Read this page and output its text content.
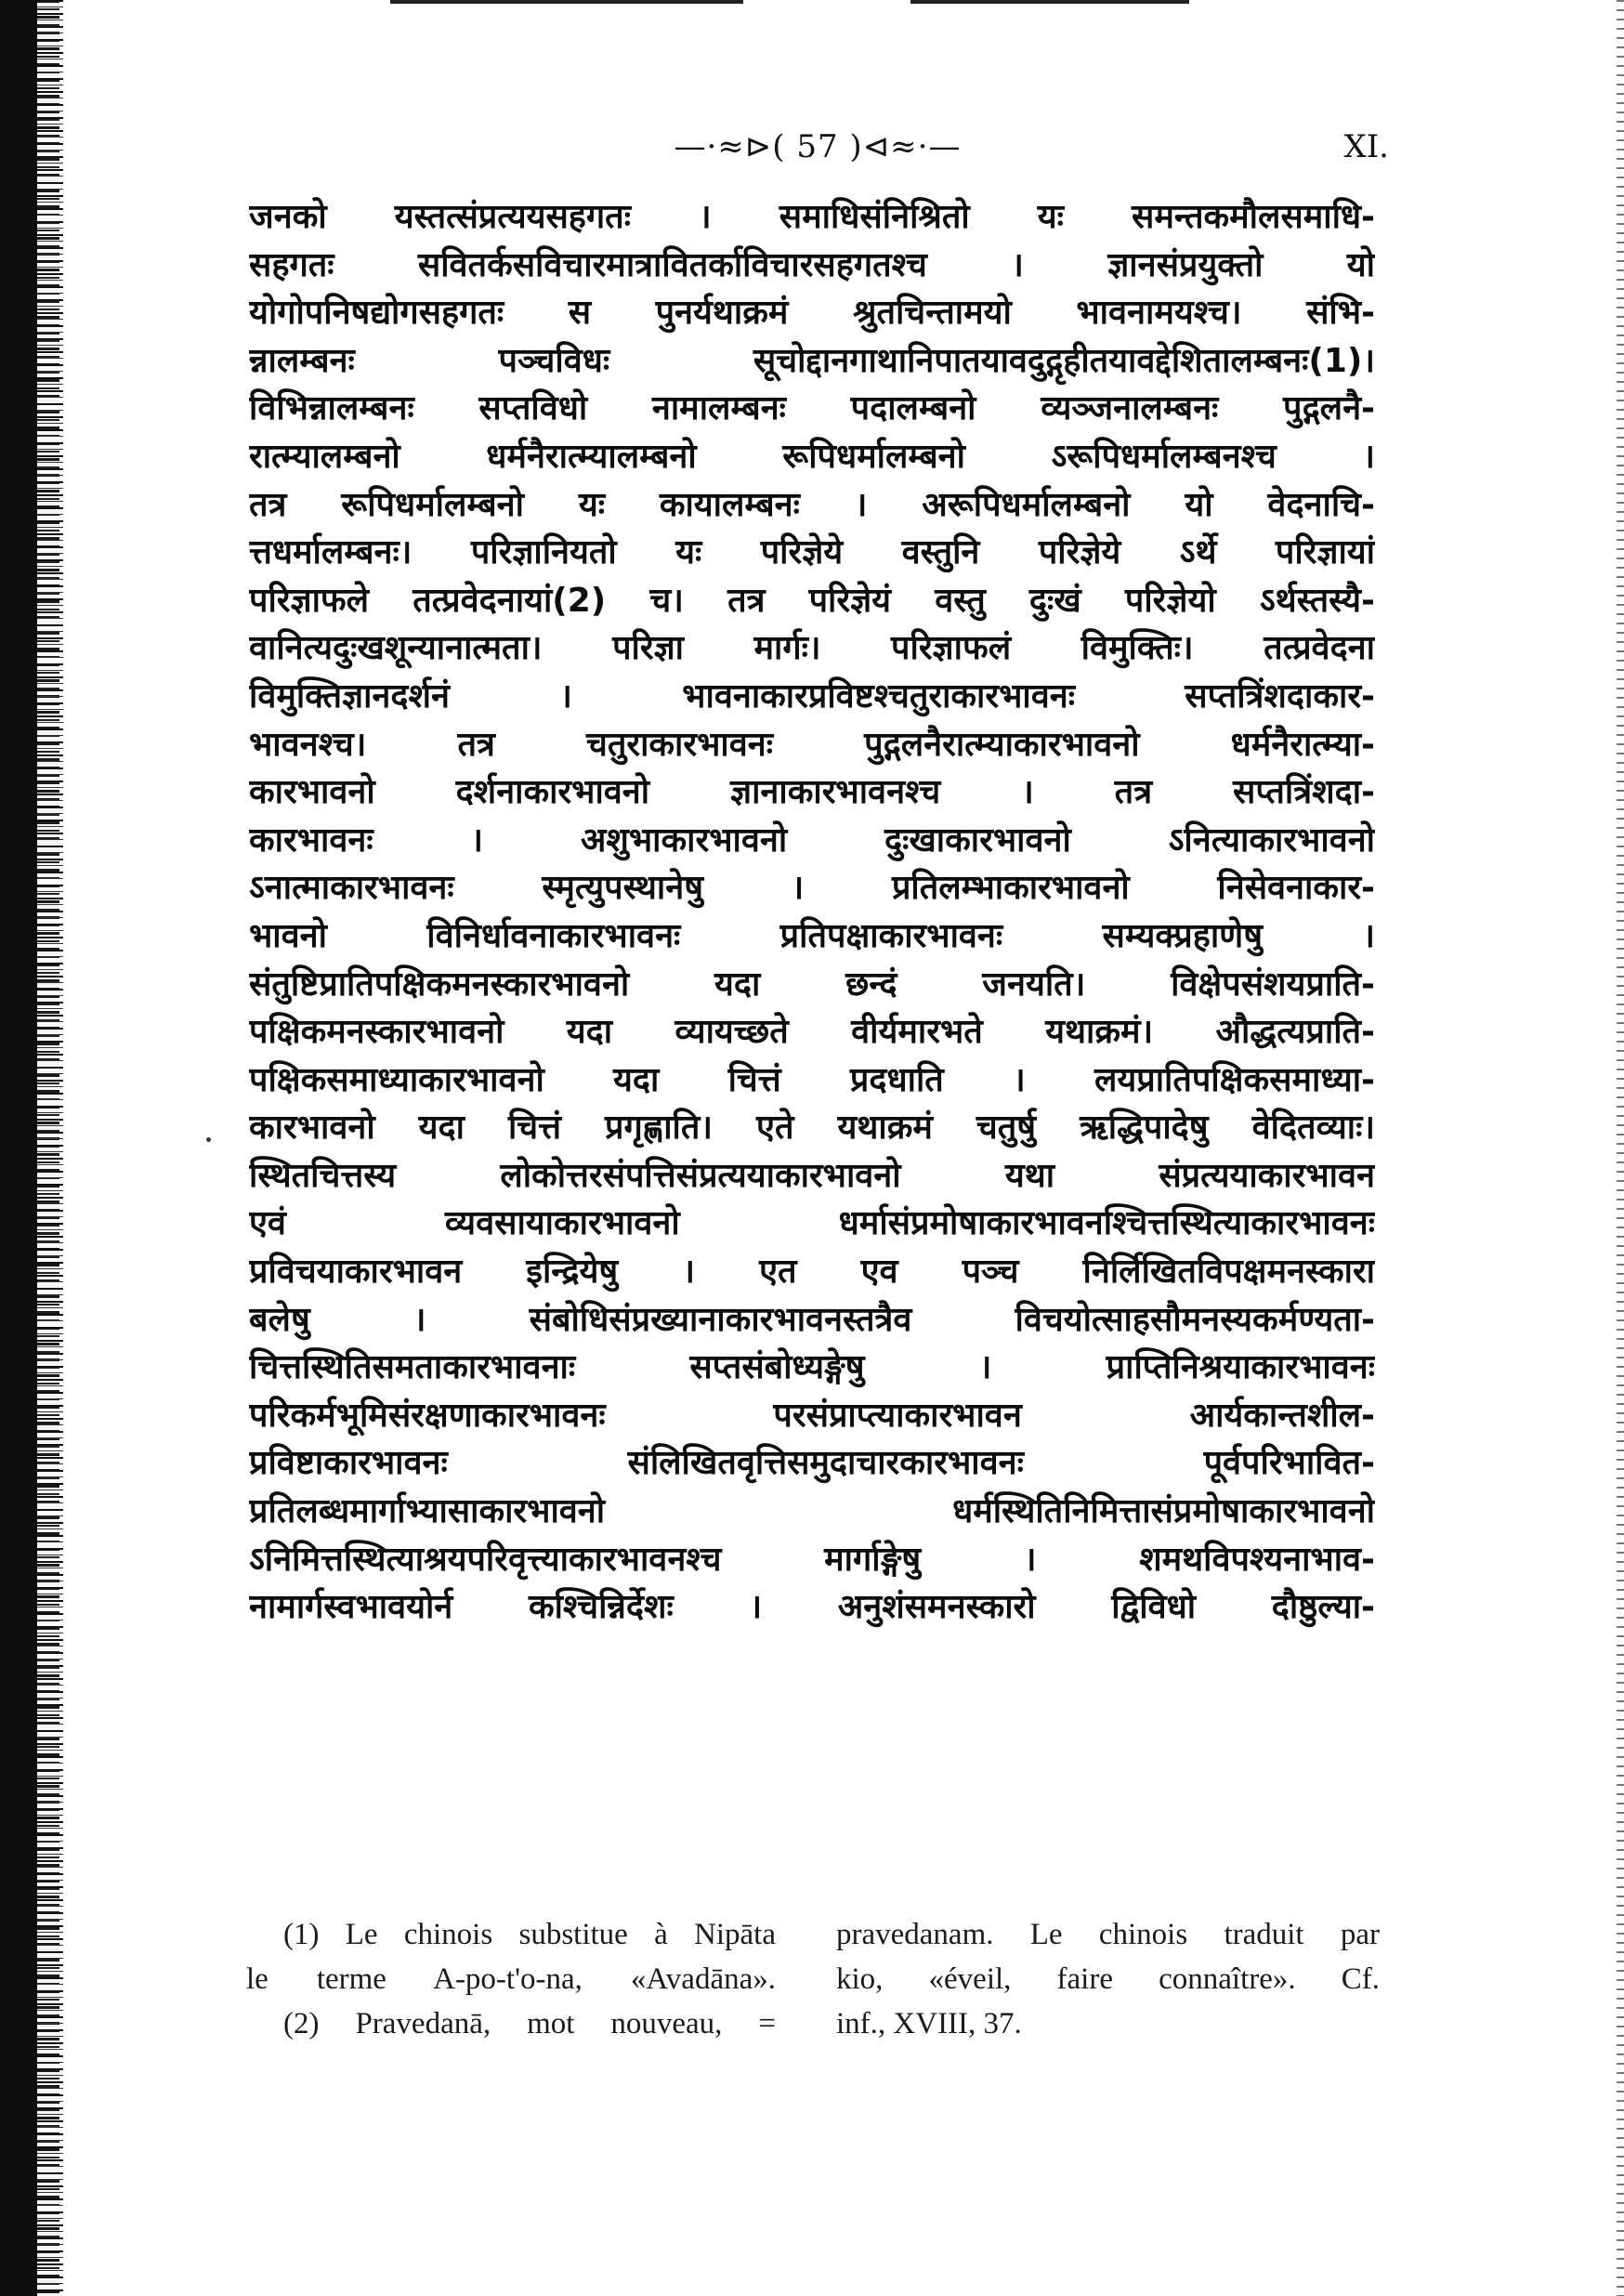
—·≈⊳( 57 )⊲≈·—	XI.
जनको यस्तत्संप्रत्ययसहगतः । समाधिसंनिश्रितो यः समन्तकमौलसमाधि-
सहगतः सवितर्कसविचारमात्रावितर्काविचारसहगतश्च । ज्ञानसंप्रयुक्तो यो
योगोपनिषद्योगसहगतः स पुनर्यथाक्रमं श्रुतचिन्तामयो भावनामयश्च। संभि-
न्नालम्बनः पञ्चविधः सूचोद्दानगाथानिपातयावदुद्गृहीतयावद्देशितालम्बनः(1)।
विभिन्नालम्बनः सप्तविधो नामालम्बनः पदालम्बनो व्यञ्जनालम्बनः पुद्गलनै-
रात्म्यालम्बनो धर्मनैरात्म्यालम्बनो रूपिधर्मालम्बनो ऽरूपिधर्मालम्बनश्च ।
तत्र रूपिधर्मालम्बनो यः कायालम्बनः । अरूपिधर्मालम्बनो यो वेदनाचि-
त्तधर्मालम्बनः। परिज्ञानियतो यः परिज्ञेये वस्तुनि परिज्ञेये ऽर्थे परिज्ञायां
परिज्ञाफले तत्प्रवेदनायां(2) च। तत्र परिज्ञेयं वस्तु दुःखं परिज्ञेयो ऽर्थस्तस्यै-
वानित्यदुःखशून्यानात्मता। परिज्ञा मार्गः। परिज्ञाफलं विमुक्तिः। तत्प्रवेदना
विमुक्तिज्ञानदर्शनं । भावनाकारप्रविष्टश्चतुराकारभावनः सप्तत्रिंशदाकार-
भावनश्च। तत्र चतुराकारभावनः पुद्गलनैरात्म्याकारभावनो धर्मनैरात्म्या-
कारभावनो दर्शनाकारभावनो ज्ञानाकारभावनश्च । तत्र सप्तत्रिंशदा-
कारभावनः । अशुभाकारभावनो दुःखाकारभावनो ऽनित्याकारभावनो
ऽनात्माकारभावनः स्मृत्युपस्थानेषु । प्रतिलम्भाकारभावनो निसेवनाकार-
भावनो विनिर्धावनाकारभावनः प्रतिपक्षाकारभावनः सम्यक्प्रहाणेषु ।
संतुष्टिप्रातिपक्षिकमनस्कारभावनो यदा छन्दं जनयति। विक्षेपसंशयप्राति-
पक्षिकमनस्कारभावनो यदा व्यायच्छते वीर्यमारभते यथाक्रमं। औद्धत्यप्राति-
पक्षिकसमाध्याकारभावनो यदा चित्तं प्रदधाति । लयप्रातिपक्षिकसमाध्या-
कारभावनो यदा चित्तं प्रगृह्णाति। एते यथाक्रमं चतुर्षु ऋद्धिपादेषु वेदितव्याः।
स्थितचित्तस्य लोकोत्तरसंपत्तिसंप्रत्ययाकारभावनो यथा संप्रत्ययाकारभावन
एवं व्यवसायाकारभावनो धर्मासंप्रमोषाकारभावनश्चित्तस्थित्याकारभावनः
प्रविचयाकारभावन इन्द्रियेषु । एत एव पञ्च निर्लिखितविपक्षमनस्कारा
बलेषु । संबोधिसंप्रख्यानाकारभावनस्तत्रैव विचयोत्साहसौमनस्यकर्मण्यता-
चित्तस्थितिसमताकारभावनाः सप्तसंबोध्यङ्गेषु । प्राप्तिनिश्रयाकारभावनः
परिकर्मभूमिसंरक्षणाकारभावनः परसंप्राप्त्याकारभावन आर्यकान्तशील-
प्रविष्टाकारभावनः संलिखितवृत्तिसमुदाचारकारभावनः पूर्वपरिभावित-
प्रतिलब्धमार्गाभ्यासाकारभावनो धर्मस्थितिनिमित्तासंप्रमोषाकारभावनो
ऽनिमित्तस्थित्याश्रयपरिवृत्त्याकारभावनश्च मार्गाङ्गेषु । शमथविपश्यनाभाव-
नामार्गस्वभावयोर्न कश्चिन्निर्देशः । अनुशंसमनस्कारो द्विविधो दौष्ठुल्या-
(1) Le chinois substitue à Nipāta
le terme A-po-t'o-na, «Avadāna».
(2) Pravedanā, mot nouveau, =
pravedanam. Le chinois traduit par
kio, «éveil, faire connaître». Cf.
inf., XVIII, 37.
